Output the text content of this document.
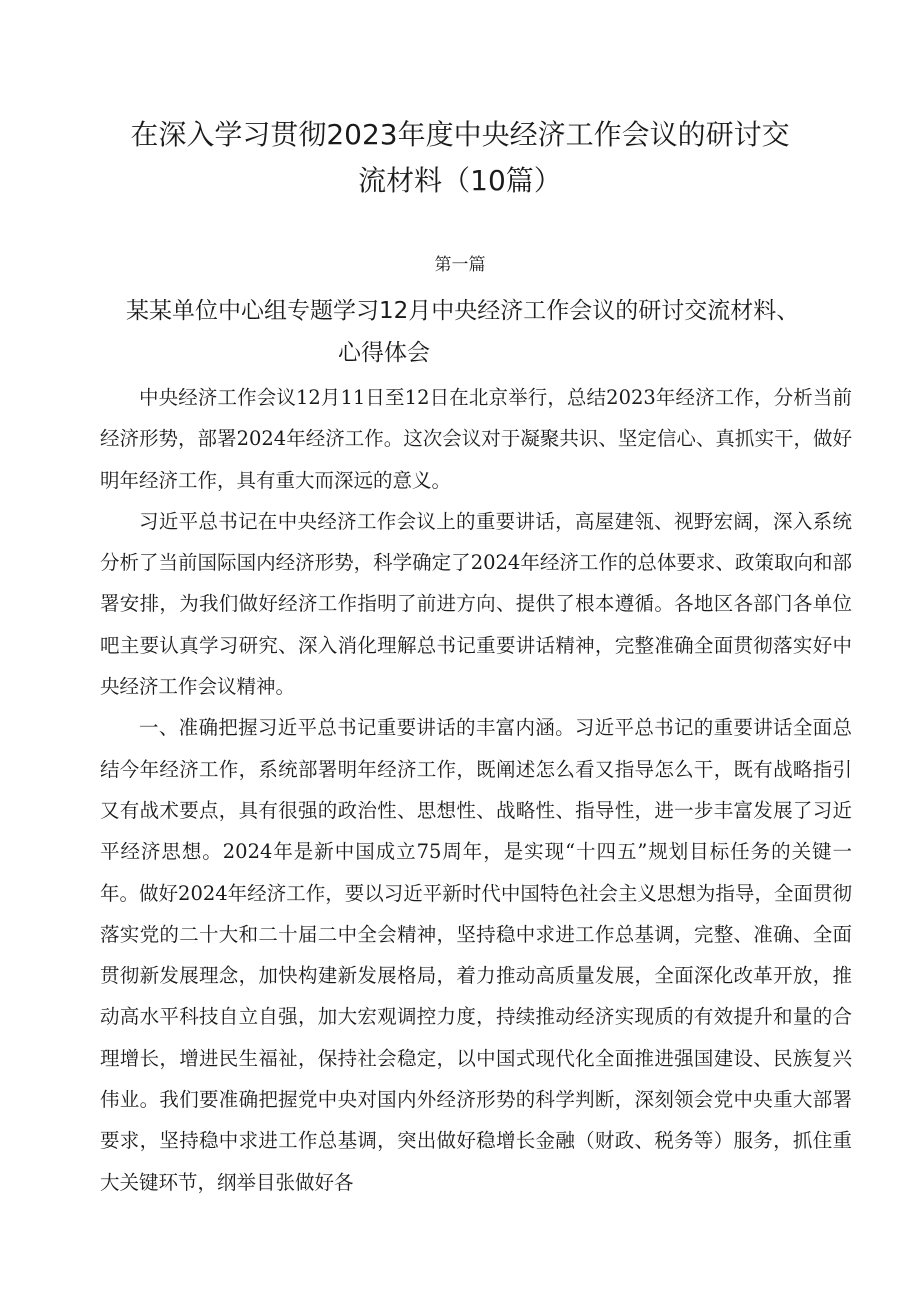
在深入学习贯彻2023年度中央经济工作会议的研讨交
流材料（10篇）
第一篇
某某单位中心组专题学习12月中央经济工作会议的研讨交流材料、
心得体会

中央经济工作会议12月11日至12日在北京举行，总结2023年经济工作，分析当前经济形势，部署2024年经济工作。这次会议对于凝聚共识、坚定信心、真抓实干，做好明年经济工作，具有重大而深远的意义。

习近平总书记在中央经济工作会议上的重要讲话，高屋建瓴、视野宏阔，深入系统分析了当前国际国内经济形势，科学确定了2024年经济工作的总体要求、政策取向和部署安排，为我们做好经济工作指明了前进方向、提供了根本遵循。各地区各部门各单位吧主要认真学习研究、深入消化理解总书记重要讲话精神，完整准确全面贯彻落实好中央经济工作会议精神。

一、准确把握习近平总书记重要讲话的丰富内涵。习近平总书记的重要讲话全面总结今年经济工作，系统部署明年经济工作，既阐述怎么看又指导怎么干，既有战略指引又有战术要点，具有很强的政治性、思想性、战略性、指导性，进一步丰富发展了习近平经济思想。2024年是新中国成立75周年，是实现“十四五”规划目标任务的关键一年。做好2024年经济工作，要以习近平新时代中国特色社会主义思想为指导，全面贯彻落实党的二十大和二十届二中全会精神，坚持稳中求进工作总基调，完整、准确、全面贯彻新发展理念，加快构建新发展格局，着力推动高质量发展，全面深化改革开放，推动高水平科技自立自强，加大宏观调控力度，持续推动经济实现质的有效提升和量的合理增长，增进民生福祉，保持社会稳定，以中国式现代化全面推进强国建设、民族复兴伟业。我们要准确把握党中央对国内外经济形势的科学判断，深刻领会党中央重大部署要求，坚持稳中求进工作总基调，突出做好稳增长金融（财政、税务等）服务，抓住重大关键环节，纲举目张做好各
